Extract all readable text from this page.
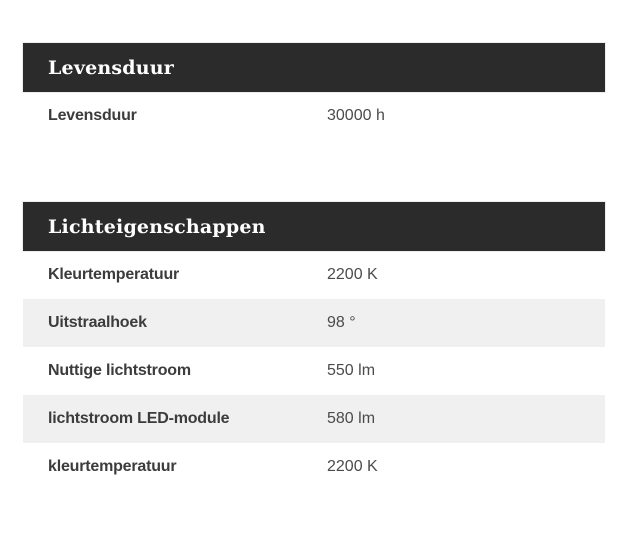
Levensduur
Levensduur	30000 h
Lichteigenschappen
Kleurtemperatuur	2200 K
Uitstraalhoek	98 °
Nuttige lichtstroom	550 lm
lichtstroom LED-module	580 lm
kleurtemperatuur	2200 K
